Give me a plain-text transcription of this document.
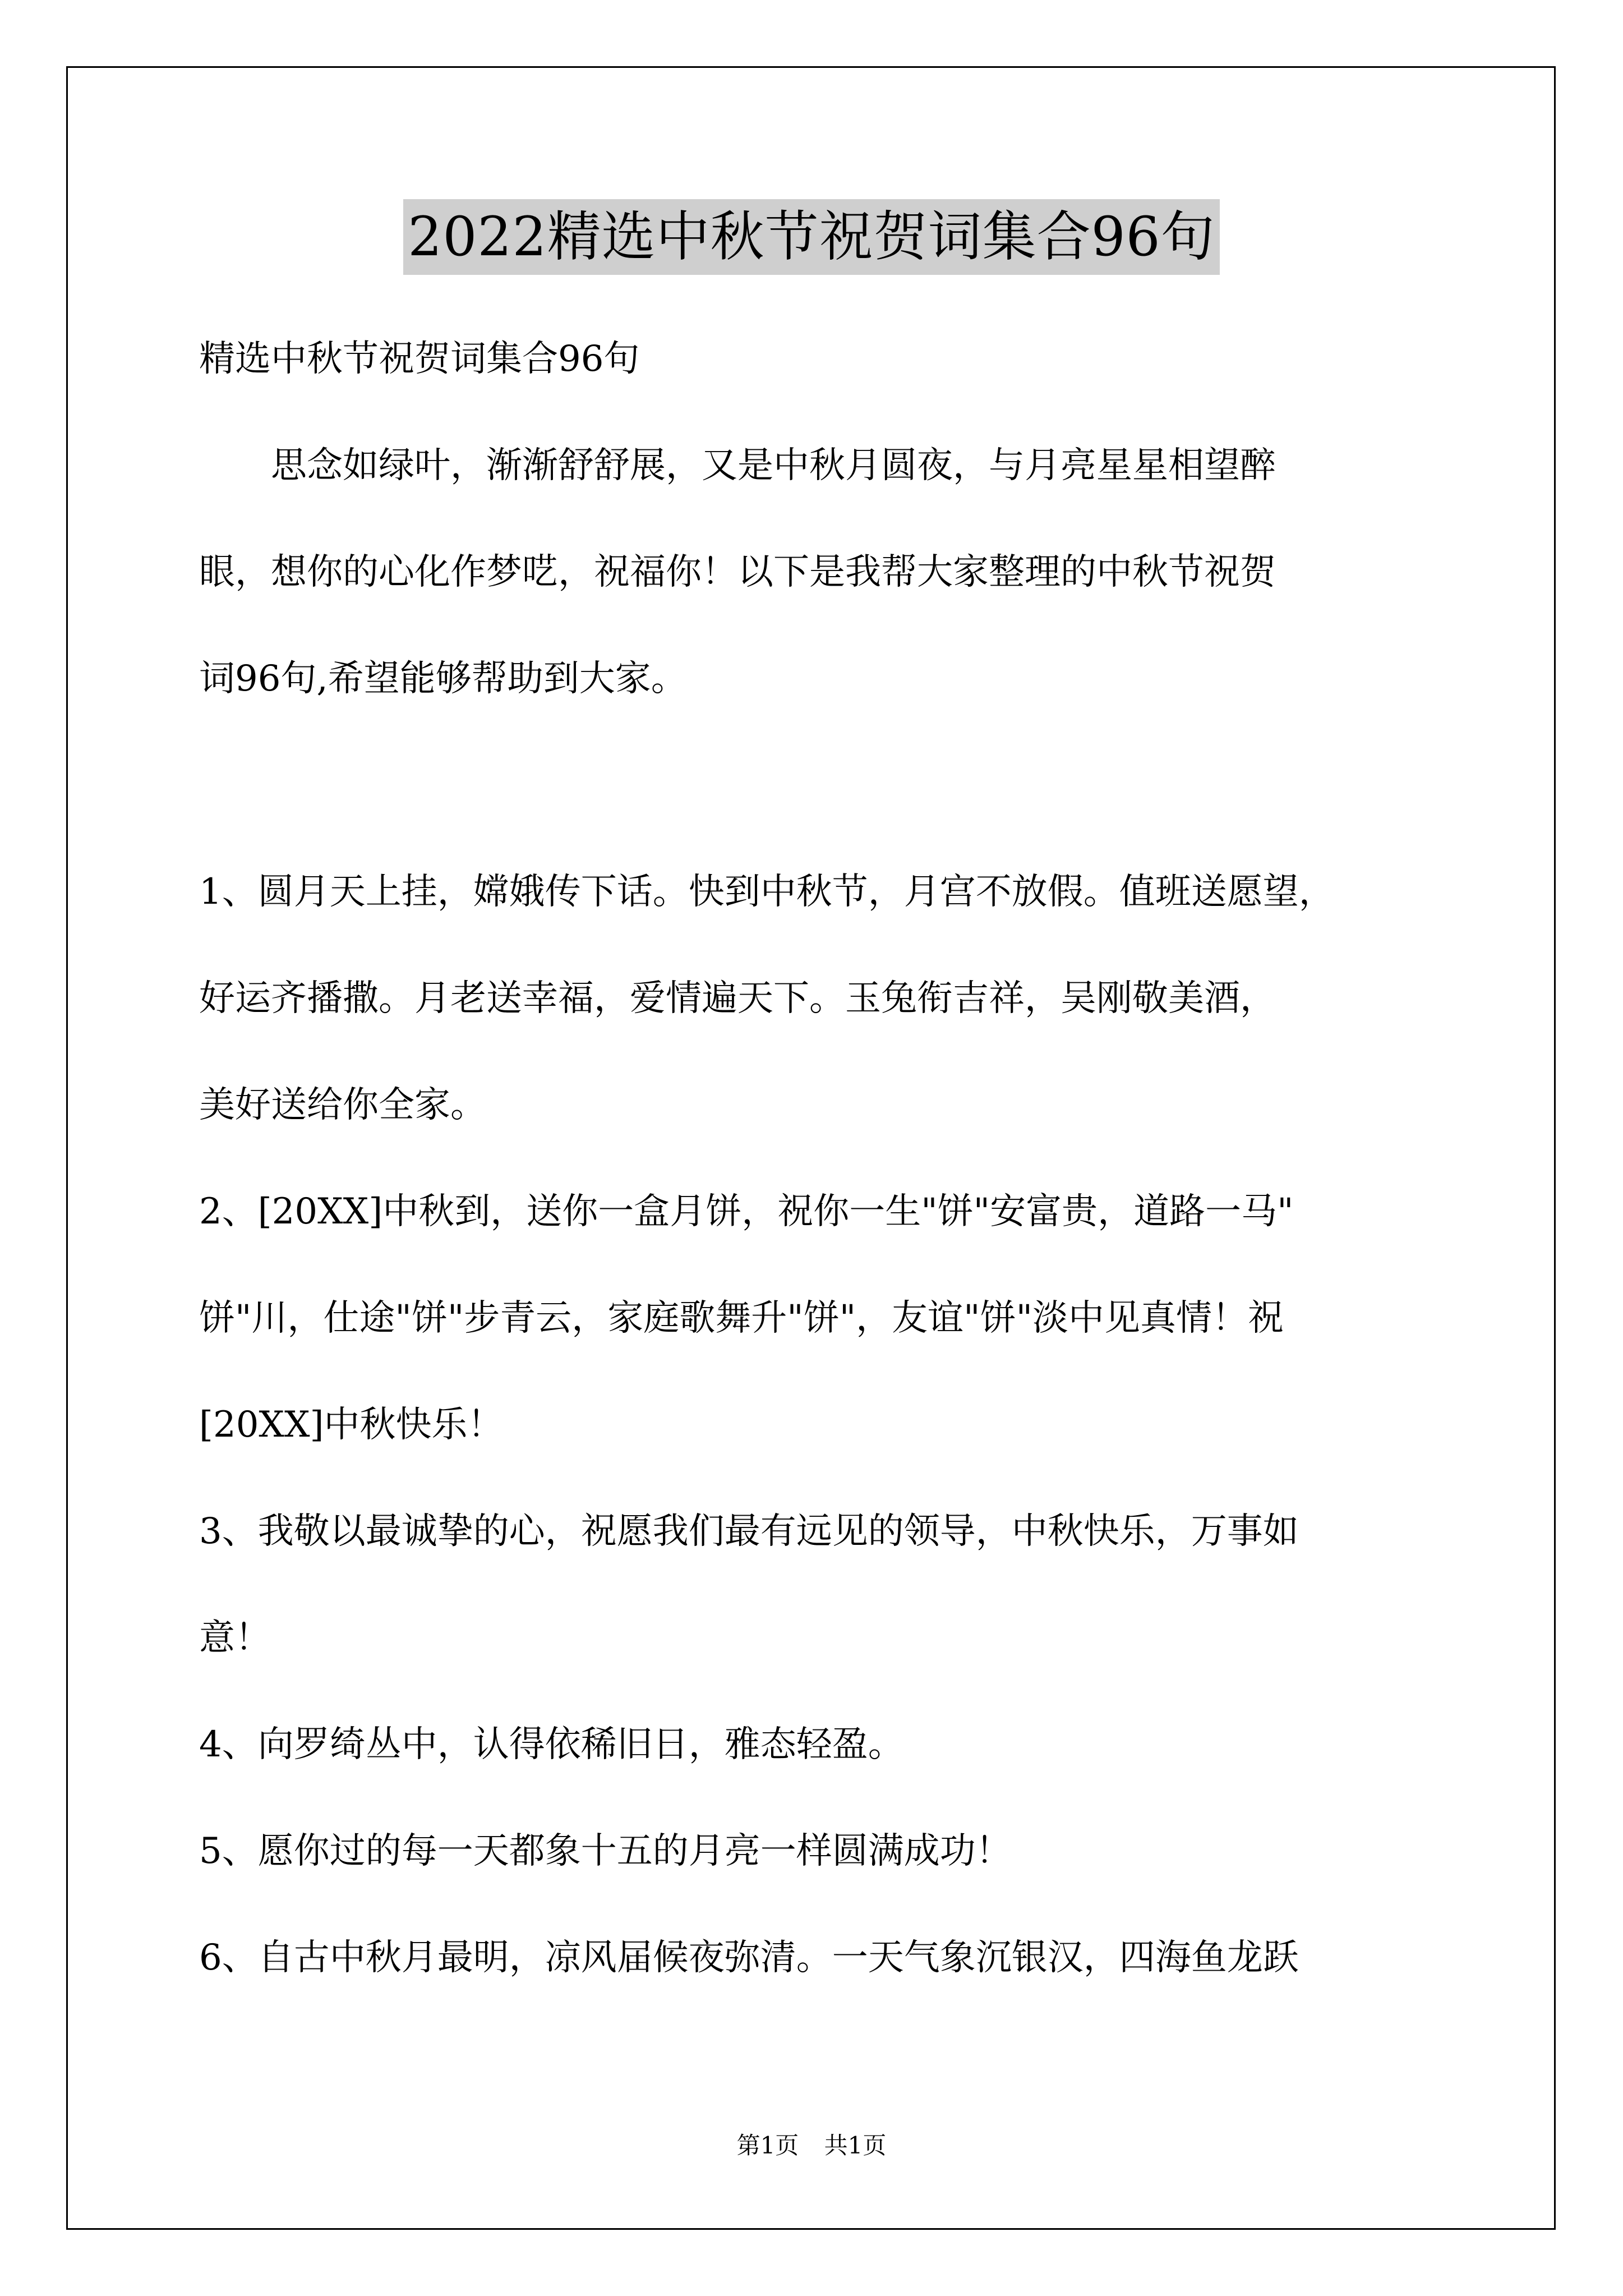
2022精选中秋节祝贺词集合96句
精选中秋节祝贺词集合96句
　　思念如绿叶，渐渐舒舒展，又是中秋月圆夜，与月亮星星相望醉
眼，想你的心化作梦呓，祝福你！以下是我帮大家整理的中秋节祝贺
词96句,希望能够帮助到大家。
1、圆月天上挂，嫦娥传下话。快到中秋节，月宫不放假。值班送愿望，
好运齐播撒。月老送幸福，爱情遍天下。玉兔衔吉祥，吴刚敬美酒，
美好送给你全家。
2、[20XX]中秋到，送你一盒月饼，祝你一生"饼"安富贵，道路一马"
饼"川，仕途"饼"步青云，家庭歌舞升"饼"，友谊"饼"淡中见真情！祝
[20XX]中秋快乐！
3、我敬以最诚挚的心，祝愿我们最有远见的领导，中秋快乐，万事如
意！
4、向罗绮丛中，认得依稀旧日，雅态轻盈。
5、愿你过的每一天都象十五的月亮一样圆满成功！
6、自古中秋月最明，凉风届候夜弥清。一天气象沉银汉，四海鱼龙跃
第1页 共1页
